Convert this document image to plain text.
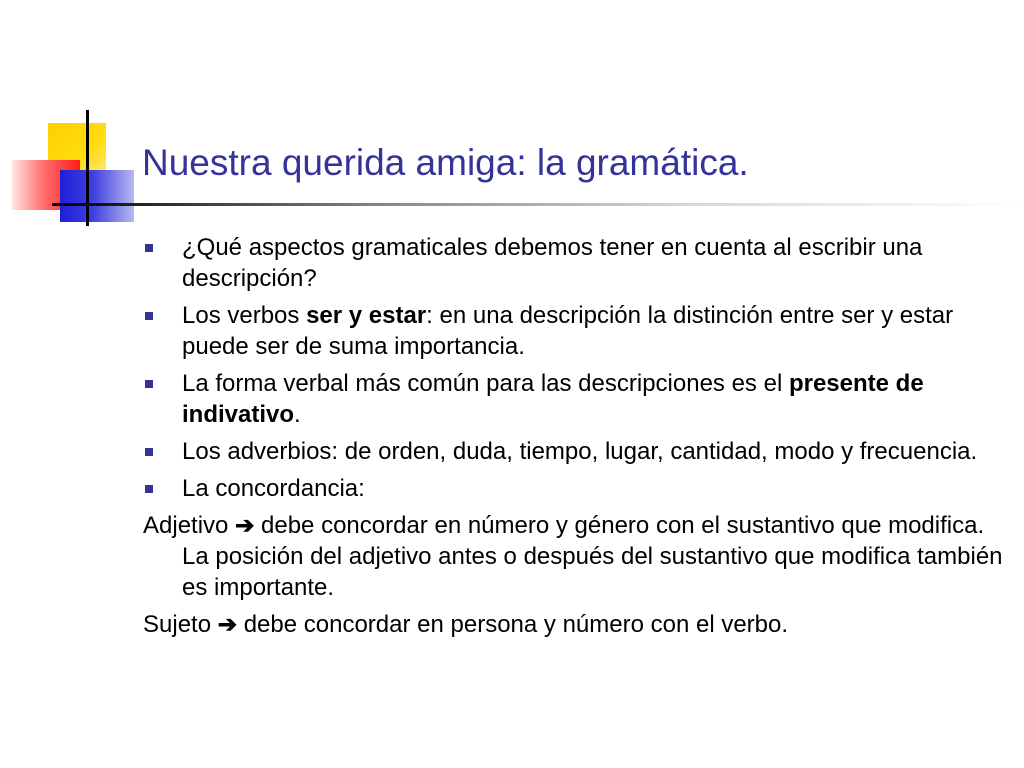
Nuestra querida amiga: la gramática.
¿Qué aspectos gramaticales debemos tener en cuenta al escribir una descripción?
Los verbos ser y estar: en una descripción la distinción entre ser y estar puede ser de suma importancia.
La forma verbal más común para las descripciones es el presente de indivativo.
Los adverbios: de orden, duda, tiempo, lugar, cantidad, modo y frecuencia.
La concordancia:
Adjetivo ➔ debe concordar en número y género con el sustantivo que modifica. La posición del adjetivo antes o después del sustantivo que modifica también es importante.
Sujeto ➔ debe concordar en persona y número con el verbo.
